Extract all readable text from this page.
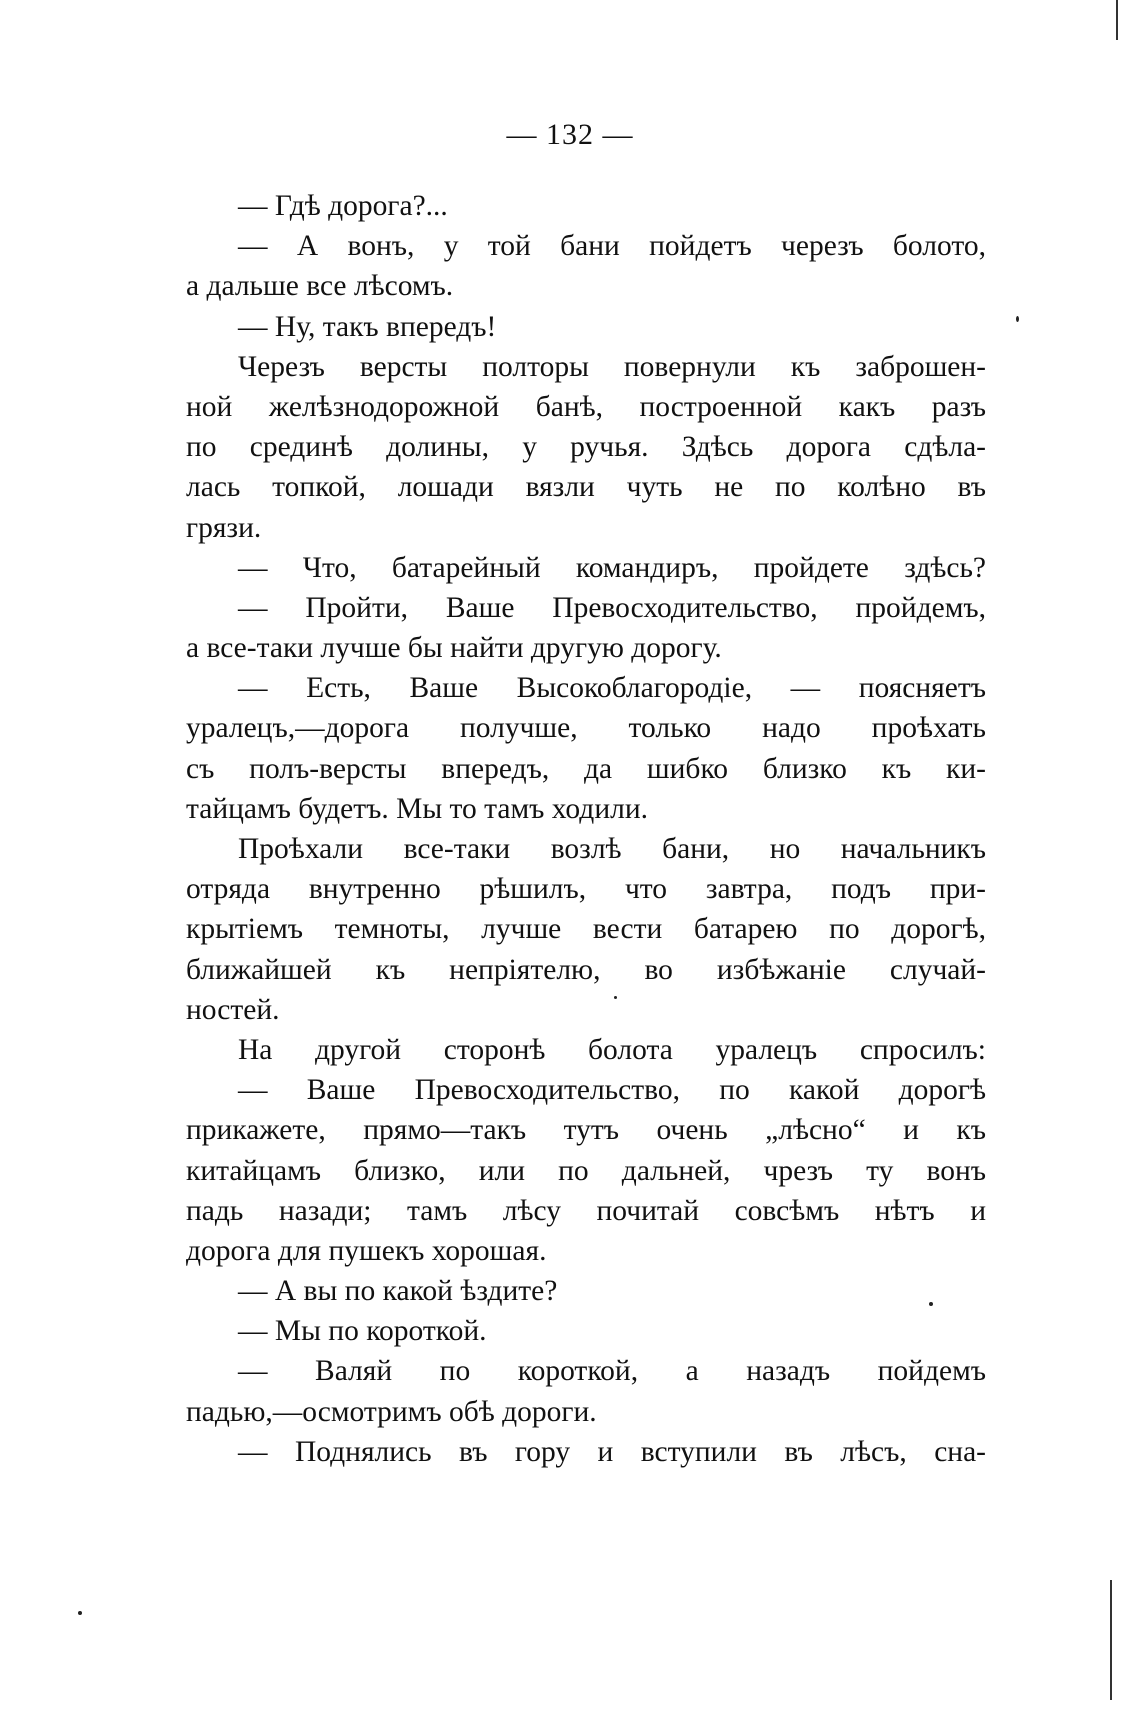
— 132 —
— Гдѣ дорога?...
— А вонъ, у той бани пойдетъ черезъ болото,
а дальше все лѣсомъ.
— Ну, такъ впередъ!
Черезъ версты полторы повернули къ заброшен-
ной желѣзнодорожной банѣ, построенной какъ разъ
по срединѣ долины, у ручья. Здѣсь дорога сдѣла-
лась топкой, лошади вязли чуть не по колѣно въ
грязи.
— Что, батарейный командиръ, пройдете здѣсь?
— Пройти, Ваше Превосходительство, пройдемъ,
а все-таки лучше бы найти другую дорогу.
— Есть, Ваше Высокоблагородіе, — поясняетъ
уралецъ,—дорога получше, только надо проѣхать
съ полъ-версты впередъ, да шибко близко къ ки-
тайцамъ будетъ. Мы то тамъ ходили.
Проѣхали все-таки возлѣ бани, но начальникъ
отряда внутренно рѣшилъ, что завтра, подъ при-
крытіемъ темноты, лучше вести батарею по дорогѣ,
ближайшей къ непріятелю, во избѣжаніе случай-
ностей.
На другой сторонѣ болота уралецъ спросилъ:
— Ваше Превосходительство, по какой дорогѣ
прикажете, прямо—такъ тутъ очень „лѣсно“ и къ
китайцамъ близко, или по дальней, чрезъ ту вонъ
падь назади; тамъ лѣсу почитай совсѣмъ нѣтъ и
дорога для пушекъ хорошая.
— А вы по какой ѣздите?
— Мы по короткой.
— Валяй по короткой, а назадъ пойдемъ
падью,—осмотримъ обѣ дороги.
— Поднялись въ гору и вступили въ лѣсъ, сна-
